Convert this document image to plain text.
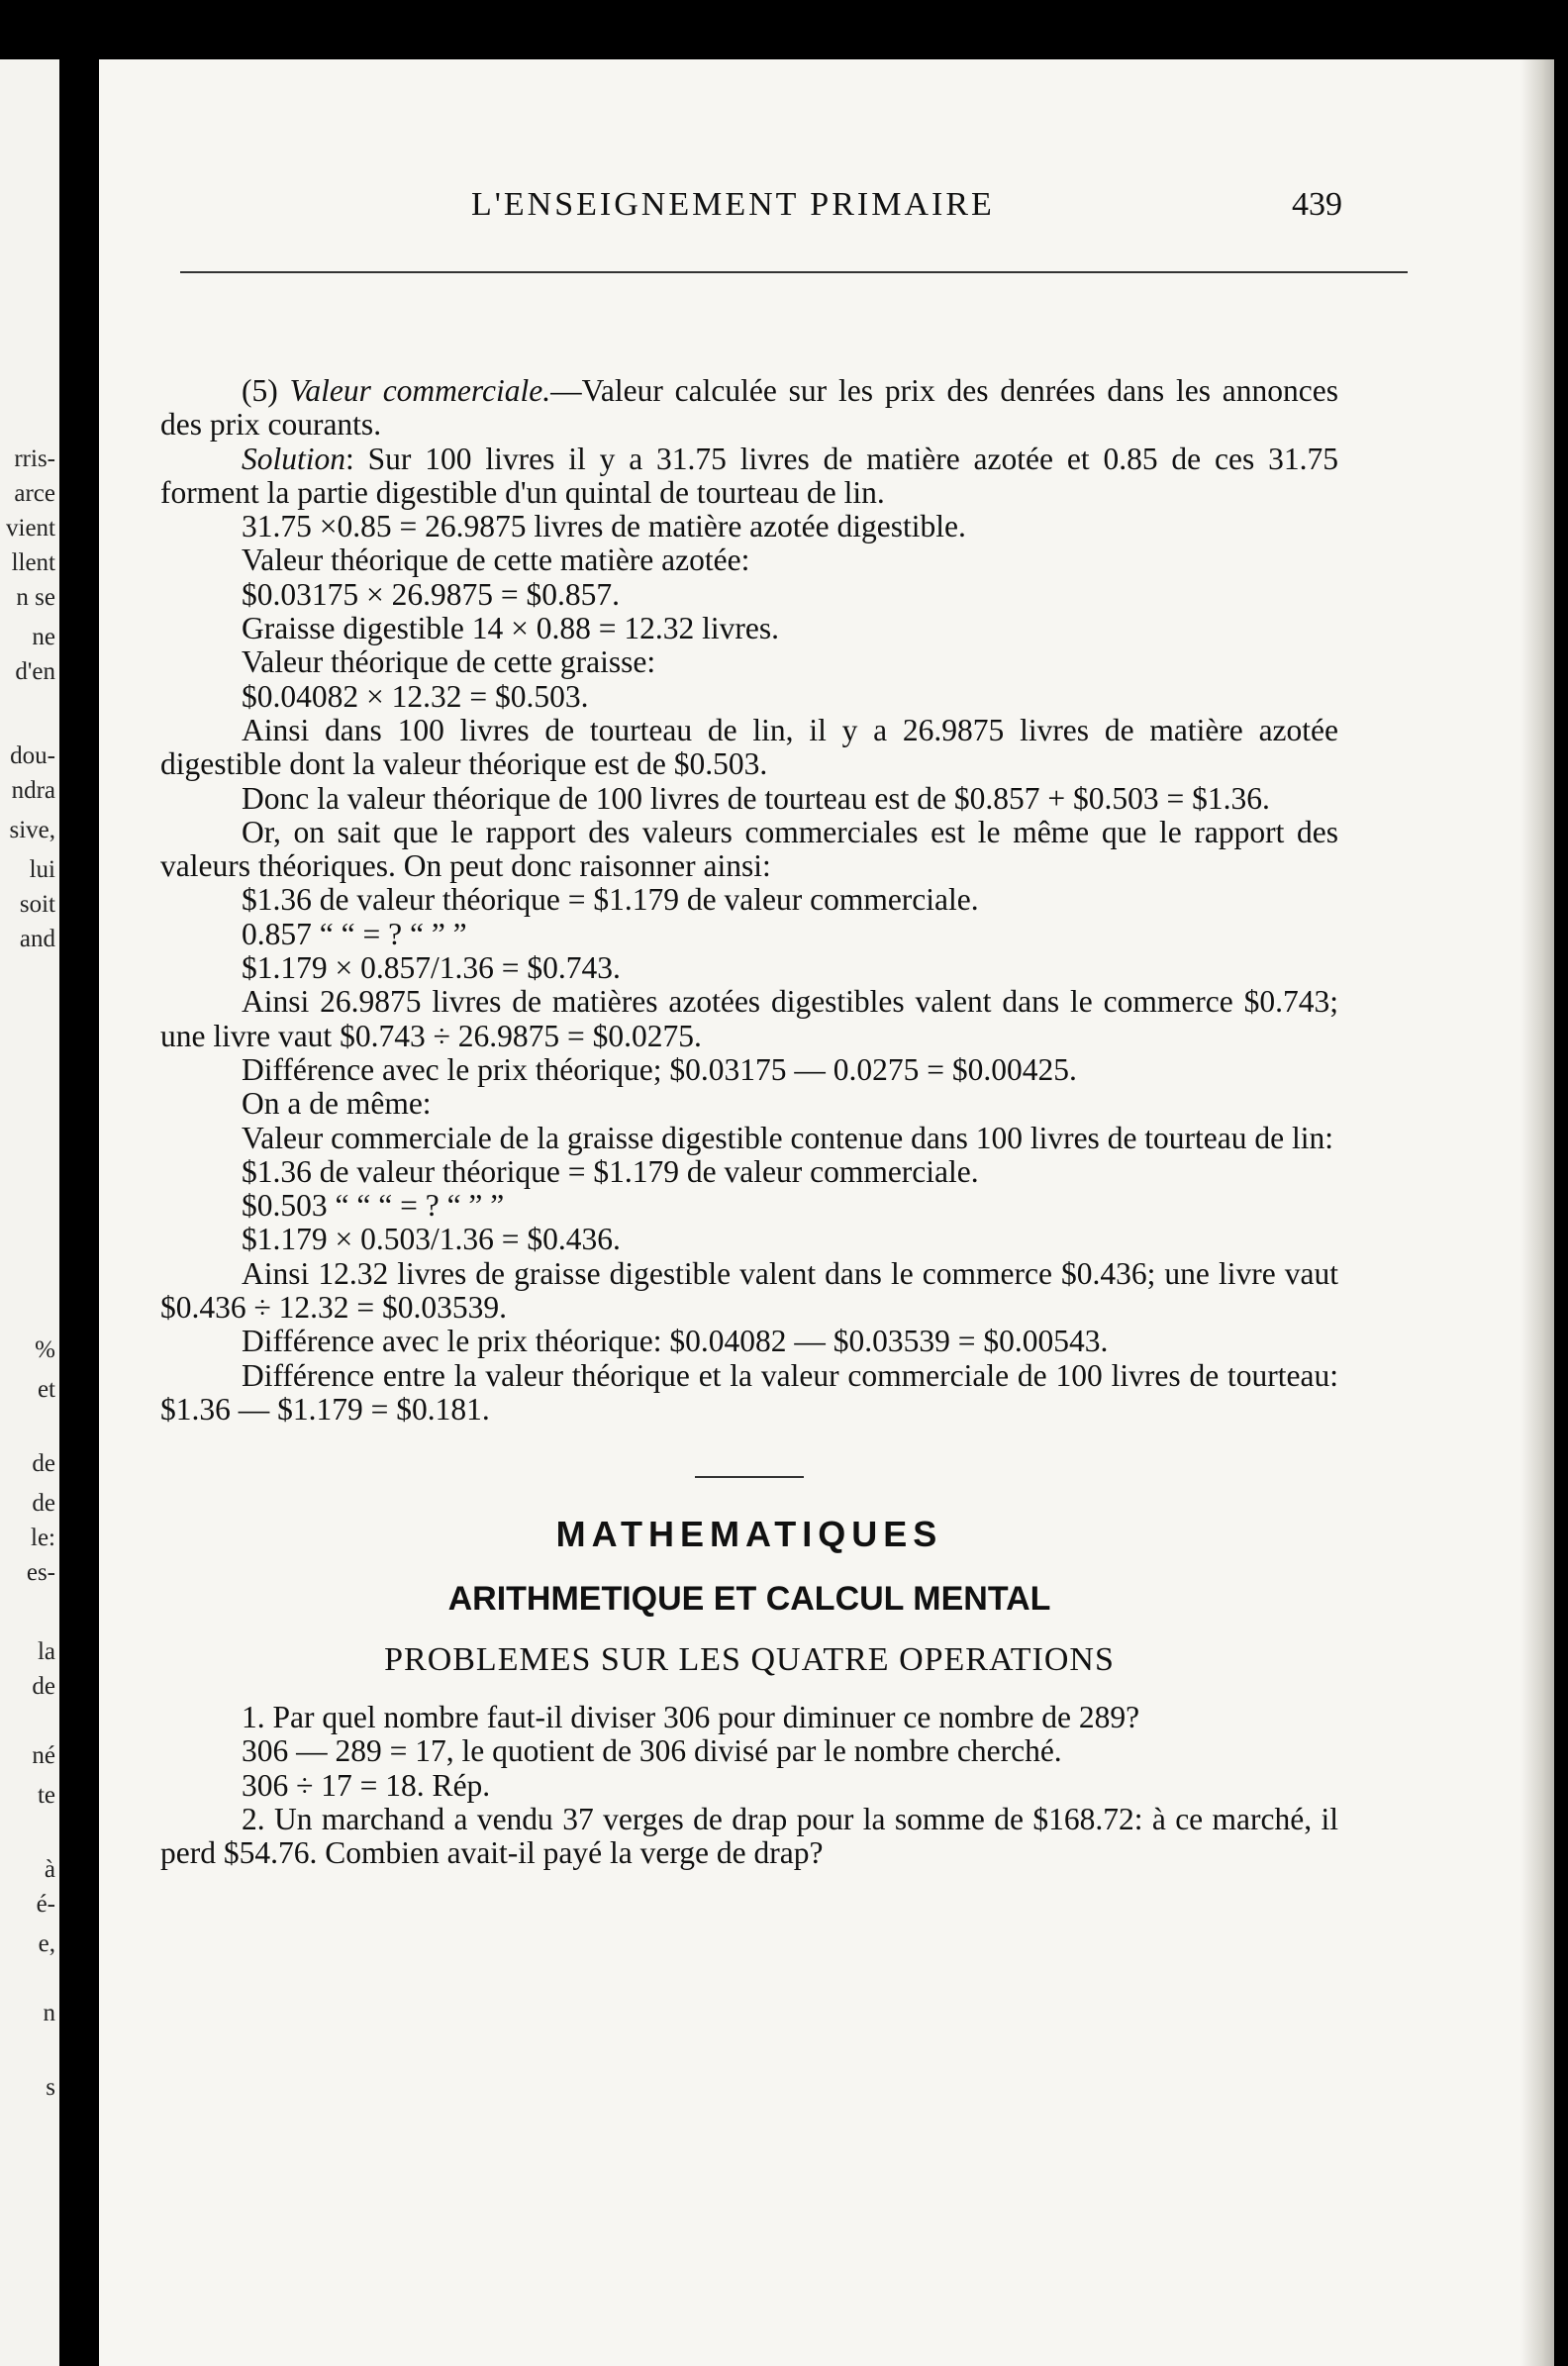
rris-
arce
vient
llent
n se
ne
d'en
dou-
ndra
sive,
lui
soit
and
%
et
de
de
le:
es-
la
de
né
te
à
é-
e,
n
s
L'ENSEIGNEMENT PRIMAIRE	439

(5) Valeur commerciale.—Valeur calculée sur les prix des denrées dans les annonces des prix courants.

Solution: Sur 100 livres il y a 31.75 livres de matière azotée et 0.85 de ces 31.75 forment la partie digestible d'un quintal de tourteau de lin.

31.75 ×0.85 = 26.9875 livres de matière azotée digestible.

Valeur théorique de cette matière azotée:

$0.03175 × 26.9875 = $0.857.

Graisse digestible 14 × 0.88 = 12.32 livres.

Valeur théorique de cette graisse:

$0.04082 × 12.32 = $0.503.

Ainsi dans 100 livres de tourteau de lin, il y a 26.9875 livres de matière azotée digestible dont la valeur théorique est de $0.503.

Donc la valeur théorique de 100 livres de tourteau est de $0.857 + $0.503 = $1.36.

Or, on sait que le rapport des valeurs commerciales est le même que le rapport des valeurs théoriques. On peut donc raisonner ainsi:

$1.36 de valeur théorique = $1.179 de valeur commerciale.

0.857 “ “ = ? “ ” ”

$1.179 × 0.857/1.36 = $0.743.

Ainsi 26.9875 livres de matières azotées digestibles valent dans le commerce $0.743; une livre vaut $0.743 ÷ 26.9875 = $0.0275.

Différence avec le prix théorique; $0.03175 — 0.0275 = $0.00425.

On a de même:

Valeur commerciale de la graisse digestible contenue dans 100 livres de tourteau de lin:

$1.36 de valeur théorique = $1.179 de valeur commerciale.

$0.503 “ “ “ = ? “ ” ”

$1.179 × 0.503/1.36 = $0.436.

Ainsi 12.32 livres de graisse digestible valent dans le commerce $0.436; une livre vaut $0.436 ÷ 12.32 = $0.03539.

Différence avec le prix théorique: $0.04082 — $0.03539 = $0.00543.

Différence entre la valeur théorique et la valeur commerciale de 100 livres de tourteau: $1.36 — $1.179 = $0.181.

MATHEMATIQUES
ARITHMETIQUE ET CALCUL MENTAL
PROBLEMES SUR LES QUATRE OPERATIONS

1. Par quel nombre faut-il diviser 306 pour diminuer ce nombre de 289?

306 — 289 = 17, le quotient de 306 divisé par le nombre cherché.

306 ÷ 17 = 18. Rép.

2. Un marchand a vendu 37 verges de drap pour la somme de $168.72: à ce marché, il perd $54.76. Combien avait-il payé la verge de drap?
